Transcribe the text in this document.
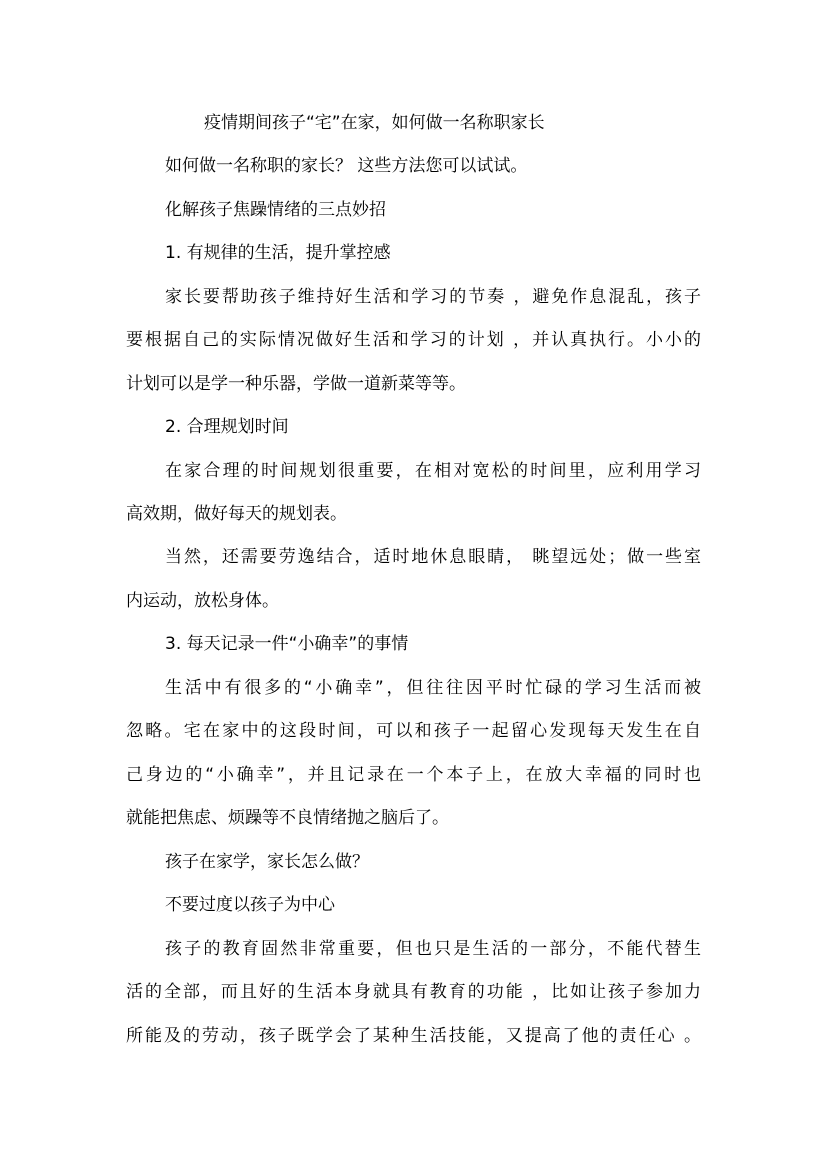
疫情期间孩子“宅”在家，如何做一名称职家长

如何做一名称职的家长？ 这些方法您可以试试。

化解孩子焦躁情绪的三点妙招

1. 有规律的生活，提升掌控感

家长要帮助孩子维持好生活和学习的节奏 ，避免作息混乱，孩子

要根据自己的实际情况做好生活和学习的计划 ，并认真执行。小小的

计划可以是学一种乐器，学做一道新菜等等。

2. 合理规划时间

在家合理的时间规划很重要，在相对宽松的时间里，应利用学习

高效期，做好每天的规划表。

当然，还需要劳逸结合，适时地休息眼睛， 眺望远处；做一些室

内运动，放松身体。

3. 每天记录一件“小确幸”的事情

生活中有很多的“小确幸”，但往往因平时忙碌的学习生活而被

忽略。宅在家中的这段时间，可以和孩子一起留心发现每天发生在自

己身边的“小确幸”，并且记录在一个本子上，在放大幸福的同时也

就能把焦虑、烦躁等不良情绪抛之脑后了。

孩子在家学，家长怎么做？

不要过度以孩子为中心

孩子的教育固然非常重要，但也只是生活的一部分，不能代替生

活的全部，而且好的生活本身就具有教育的功能 ，比如让孩子参加力

所能及的劳动，孩子既学会了某种生活技能，又提高了他的责任心 。
